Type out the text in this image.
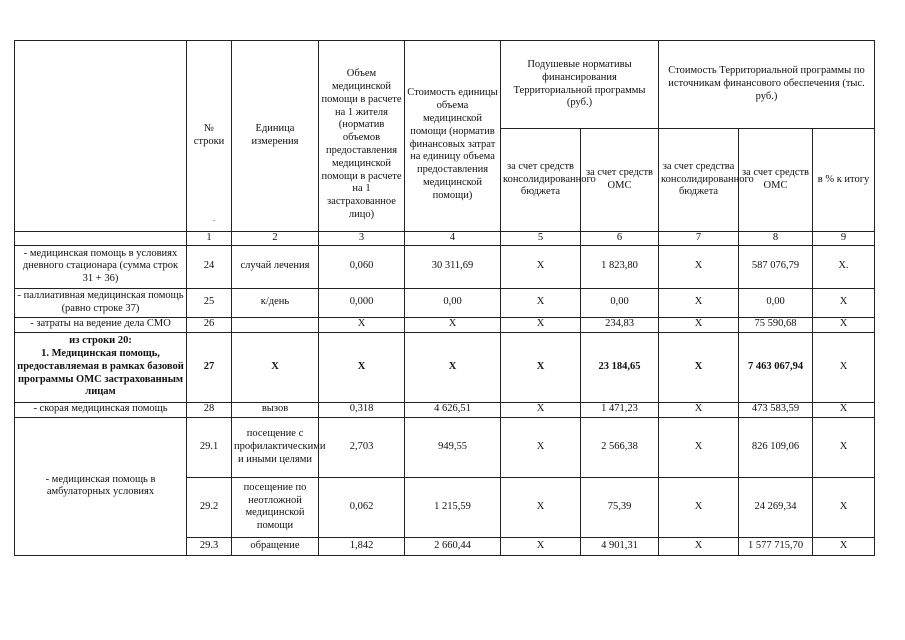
	№ строки	Единица измерения	Объем медицинской помощи в расчете на 1 жителя (норматив объемов предоставления медицинской помощи в расчете на 1 застрахованное лицо)	Стоимость единицы объема медицинской помощи (норматив финансовых затрат на единицу объема предоставления медицинской помощи)	Подушевые нормативы финансирования Территориальной программы (руб.)		Стоимость Территориальной программы по источникам финансового обеспечения (тыс. руб.)		
					за счет средств консолидированного бюджета	за счет средств ОМС	за счет средства консолидированного бюджета	за счет средств ОМС	в % к итогу
	1	2	3	4	5	6	7	8	9
- медицинская помощь в условиях дневного стационара (сумма строк 31 + 36)	24	случай лечения	0,060	30 311,69	Х	1 823,80	Х	587 076,79	Х.
- паллиативная медицинская помощь (равно строке 37)	25	к/день	0,000	0,00	Х	0,00	Х	0,00	Х
- затраты на ведение дела СМО	26		Х	Х	Х	234,83	Х	75 590,68	Х

из строки 20:
1. Медицинская помощь, предоставляемая в рамках базовой программы ОМС застрахованным лицам	27	Х	Х	Х	Х	23 184,65	Х	7 463 067,94	Х
- скорая медицинская помощь	28	вызов	0,318	4 626,51	Х	1 471,23	Х	473 583,59	Х
- медицинская помощь в амбулаторных условиях	29.1	посещение с профилактическими и иными целями	2,703	949,55	Х	2 566,38	Х	826 109,06	Х
	29.2	посещение по неотложной медицинской помощи	0,062	1 215,59	Х	75,39	Х	24 269,34	Х
	29.3	обращение	1,842	2 660,44	Х	4 901,31	Х	1 577 715,70	Х
.
